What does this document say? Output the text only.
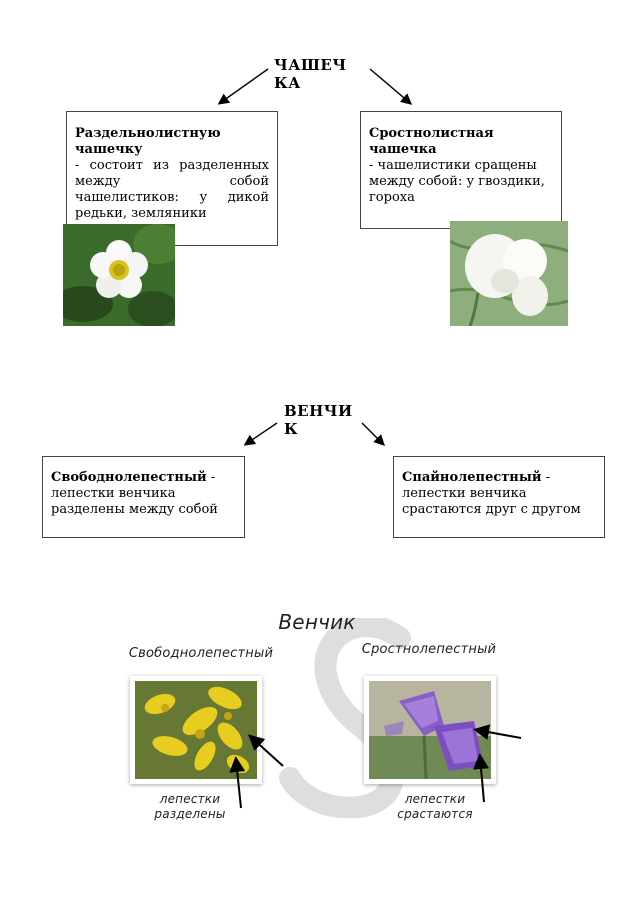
ЧАШЕЧ
КА
Раздельнолистную чашечку
- состоит из разделенных между собой чашелистиков: у дикой редьки, земляники
Сростнолистная чашечка
- чашелистики сращены между собой: у гвоздики, гороха
ВЕНЧИ
К
Свободнолепестный - лепестки венчика разделены между собой
Спайнолепестный - лепестки венчика срастаются друг с другом
Венчик
Свободнолепестный	Сростнолепестный
лепестки
разделены
лепестки
срастаются
